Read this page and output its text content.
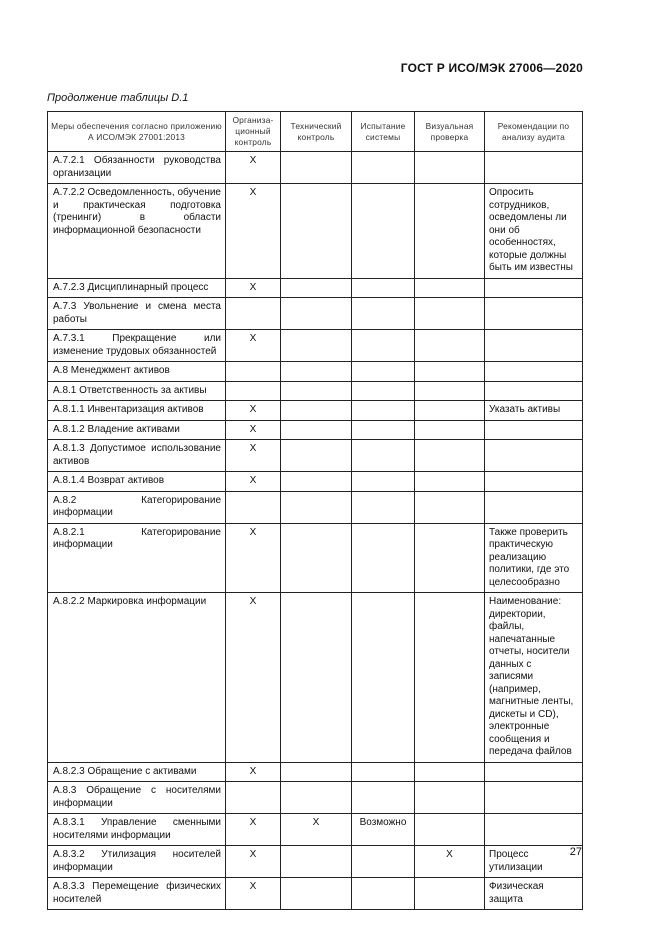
ГОСТ Р ИСО/МЭК 27006—2020
Продолжение таблицы D.1
Меры обеспечения согласно приложению А ИСО/МЭК 27001:2013	Организа-ционный контроль	Технический контроль	Испытание системы	Визуальная проверка	Рекомендации по анализу аудита
А.7.2.1 Обязанности руководства организации	X				
А.7.2.2 Осведомленность, обучение и практическая подготовка (тренинги) в области информационной безопасности	X				Опросить сотрудников, осведомлены ли они об особенностях, которые должны быть им известны
А.7.2.3 Дисциплинарный процесс	X				
А.7.3 Увольнение и смена места работы					
А.7.3.1 Прекращение или изменение трудовых обязанностей	X				
А.8 Менеджмент активов					
А.8.1 Ответственность за активы					
А.8.1.1 Инвентаризация активов	X				Указать активы
А.8.1.2 Владение активами	X				
А.8.1.3 Допустимое использование активов	X				
А.8.1.4 Возврат активов	X				
А.8.2 Категорирование информации					
А.8.2.1 Категорирование информации	X				Также проверить практическую реализацию политики, где это целесообразно
А.8.2.2 Маркировка информации	X				Наименование: директории, файлы, напечатанные отчеты, носители данных с записями (например, магнитные ленты, дискеты и CD), электронные сообщения и передача файлов
А.8.2.3 Обращение с активами	X				
А.8.3 Обращение с носителями информации					
А.8.3.1 Управление сменными носителями информации	X	X	Возможно		
А.8.3.2 Утилизация носителей информации	X			X	Процесс утилизации
А.8.3.3 Перемещение физических носителей	X				Физическая защита
27
